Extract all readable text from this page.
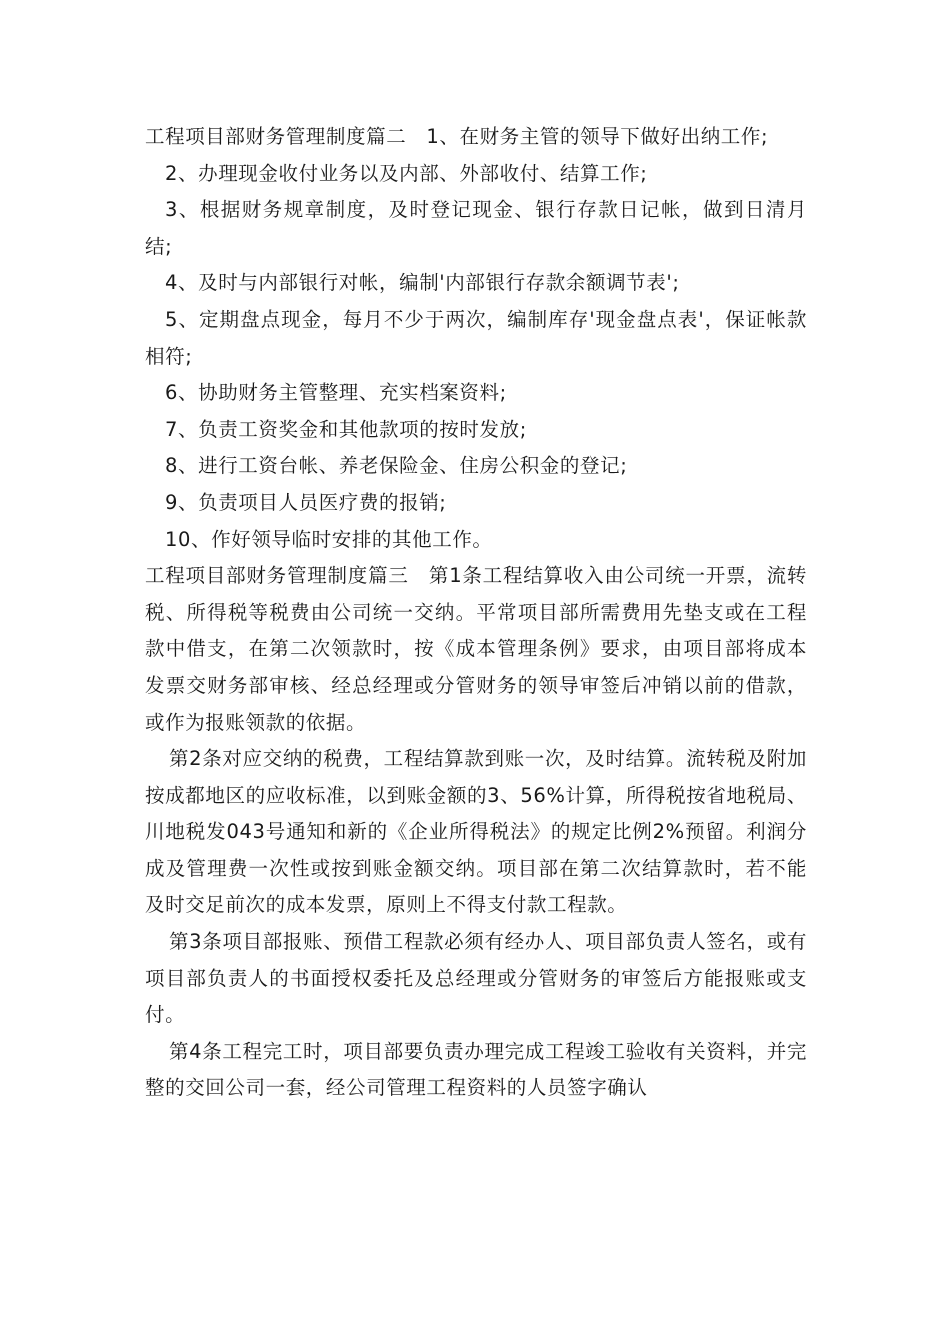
工程项目部财务管理制度篇二　1、在财务主管的领导下做好出纳工作;

2、办理现金收付业务以及内部、外部收付、结算工作;

3、根据财务规章制度，及时登记现金、银行存款日记帐，做到日清月结;

4、及时与内部银行对帐，编制'内部银行存款余额调节表';

5、定期盘点现金，每月不少于两次，编制库存'现金盘点表'，保证帐款相符;

6、协助财务主管整理、充实档案资料;

7、负责工资奖金和其他款项的按时发放;

8、进行工资台帐、养老保险金、住房公积金的登记;

9、负责项目人员医疗费的报销;

10、作好领导临时安排的其他工作。

工程项目部财务管理制度篇三　第1条工程结算收入由公司统一开票，流转税、所得税等税费由公司统一交纳。平常项目部所需费用先垫支或在工程款中借支，在第二次领款时，按《成本管理条例》要求，由项目部将成本发票交财务部审核、经总经理或分管财务的领导审签后冲销以前的借款，或作为报账领款的依据。

第2条对应交纳的税费，工程结算款到账一次，及时结算。流转税及附加按成都地区的应收标准，以到账金额的3、56%计算，所得税按省地税局、川地税发043号通知和新的《企业所得税法》的规定比例2%预留。利润分成及管理费一次性或按到账金额交纳。项目部在第二次结算款时，若不能及时交足前次的成本发票，原则上不得支付款工程款。

第3条项目部报账、预借工程款必须有经办人、项目部负责人签名，或有项目部负责人的书面授权委托及总经理或分管财务的审签后方能报账或支付。

第4条工程完工时，项目部要负责办理完成工程竣工验收有关资料，并完整的交回公司一套，经公司管理工程资料的人员签字确认
